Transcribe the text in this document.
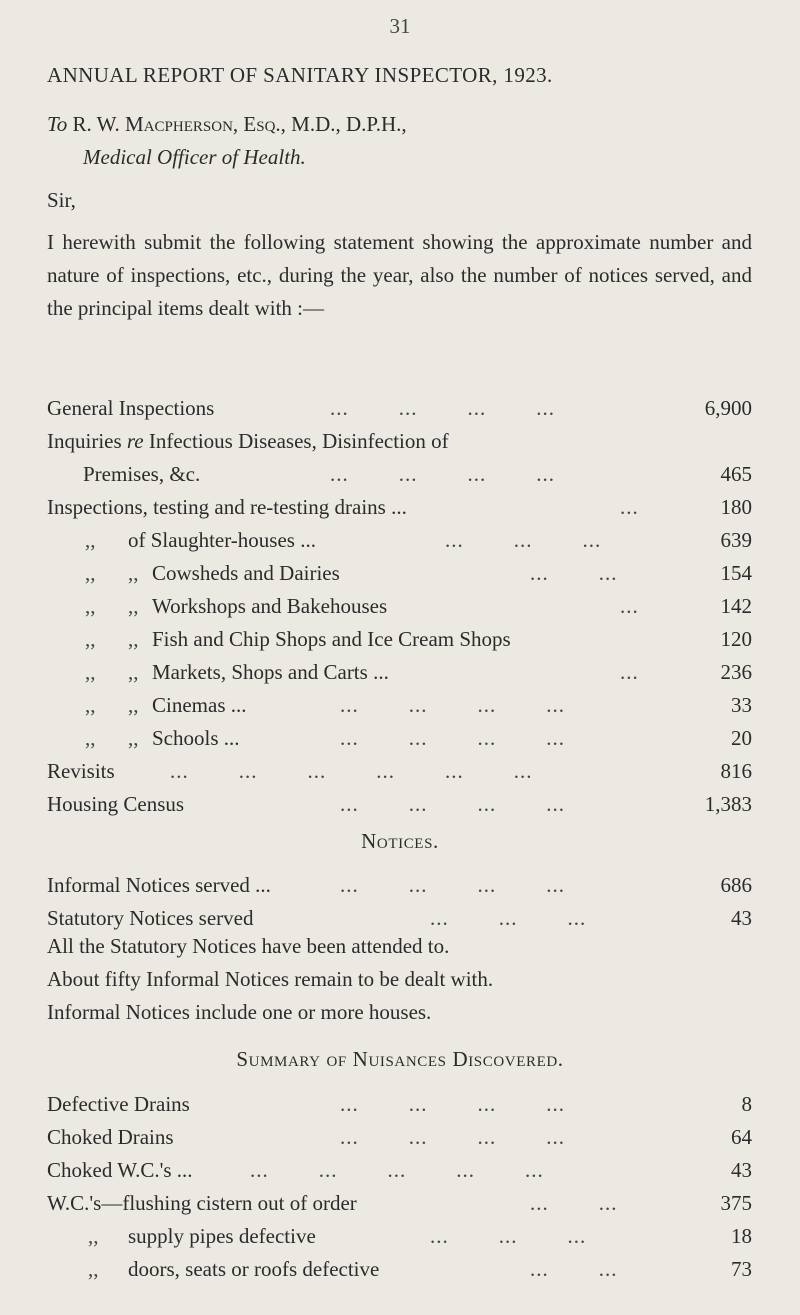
31
ANNUAL REPORT OF SANITARY INSPECTOR, 1923.
To R. W. Macpherson, Esq., M.D., D.P.H.,
Medical Officer of Health.
Sir,
I herewith submit the following statement showing the approximate number and nature of inspections, etc., during the year, also the number of notices served, and the principal items dealt with :—
General Inspections	...        ...        ...        ...	6,900
Inquiries re Infectious Diseases, Disinfection of
Premises, &c.	...        ...        ...        ...	465
Inspections, testing and re-testing drains ...	...	180
,, of Slaughter-houses ...	...        ...        ...	639
,, ,, Cowsheds and Dairies	...        ...	154
,, ,, Workshops and Bakehouses	...	142
,, ,, Fish and Chip Shops and Ice Cream Shops	120
,, ,, Markets, Shops and Carts ...	...	236
,, ,, Cinemas ...	...        ...        ...        ...	33
,, ,, Schools ...	...        ...        ...        ...	20
Revisits	...        ...        ...        ...        ...        ...	816
Housing Census	...        ...        ...        ...	1,383
Notices.
Informal Notices served ...	...        ...        ...        ...	686
Statutory Notices served	...        ...        ...	43
All the Statutory Notices have been attended to.
About fifty Informal Notices remain to be dealt with.
Informal Notices include one or more houses.
Summary of Nuisances Discovered.
Defective Drains	...        ...        ...        ...	8
Choked Drains	...        ...        ...        ...	64
Choked W.C.'s ...	...        ...        ...        ...        ...	43
W.C.'s—flushing cistern out of order	...        ...	375
,, supply pipes defective	...        ...        ...	18
,, doors, seats or roofs defective	...        ...	73
